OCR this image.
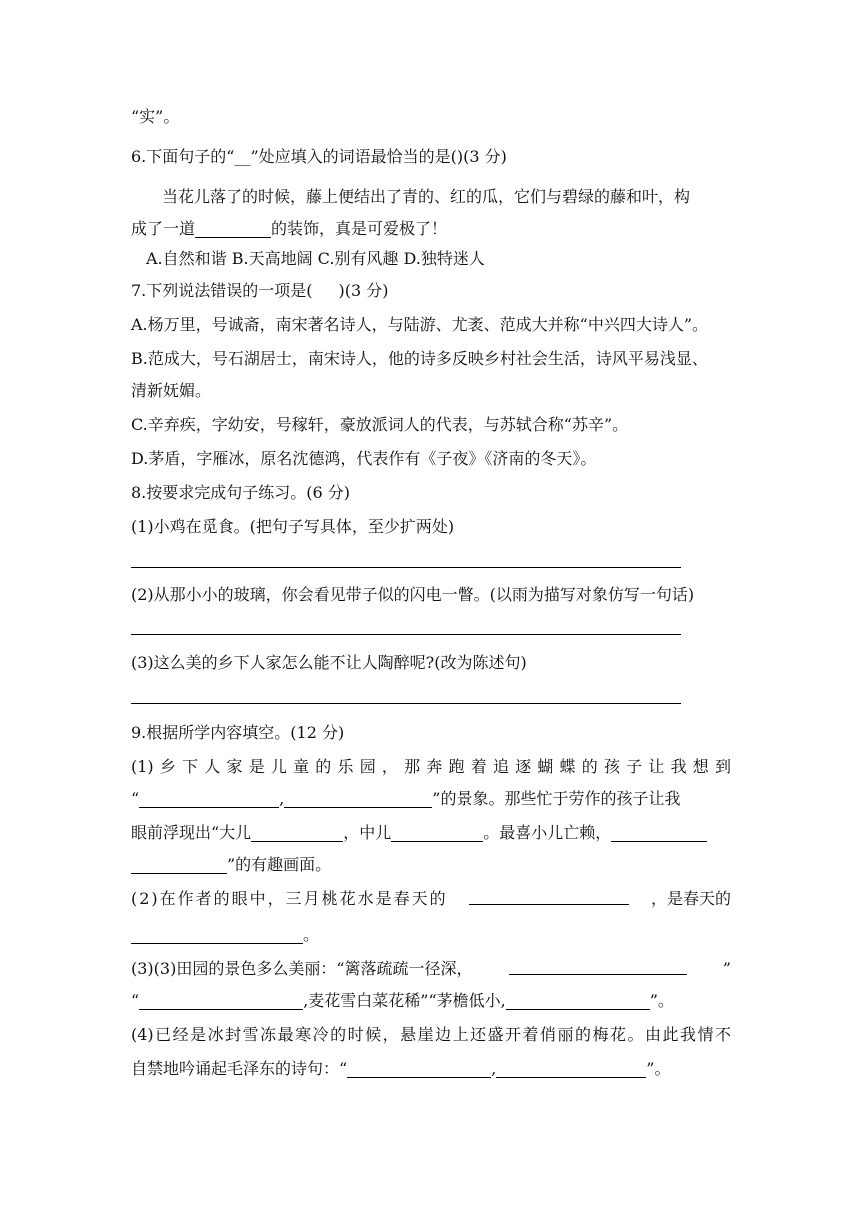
“实”。
6.下面句子的“__”处应填入的词语最恰当的是()(3 分)
当花儿落了的时候，藤上便结出了青的、红的瓜，它们与碧绿的藤和叶，构
成了一道	的装饰，真是可爱极了！
A.自然和谐 B.天高地阔 C.别有风趣 D.独特迷人
7.下列说法错误的一项是( )(3 分)
A.杨万里，号诚斋，南宋著名诗人，与陆游、尤袤、范成大并称“中兴四大诗人”。
B.范成大，号石湖居士，南宋诗人，他的诗多反映乡村社会生活，诗风平易浅显、
清新妩媚。
C.辛弃疾，字幼安，号稼轩，豪放派词人的代表，与苏轼合称“苏辛”。
D.茅盾，字雁冰，原名沈德鸿，代表作有《子夜》《济南的冬天》。
8.按要求完成句子练习。(6 分)
(1)小鸡在觅食。(把句子写具体，至少扩两处)
(2)从那小小的玻璃，你会看见带子似的闪电一瞥。(以雨为描写对象仿写一句话)
(3)这么美的乡下人家怎么能不让人陶醉呢?(改为陈述句)
9.根据所学内容填空。(12 分)
(1)乡下人家是儿童的乐园，那奔跑着追逐蝴蝶的孩子让我想到
“	,	”的景象。那些忙于劳作的孩子让我
眼前浮现出“大儿	，中儿	。最喜小儿亡赖，
”的有趣画面。
(2)在作者的眼中，三月桃花水是春天的	，是春天的
。
(3)(3)田园的景色多么美丽：“篱落疏疏一径深，	”
“	,麦花雪白菜花稀”“茅檐低小,	”。
(4)已经是冰封雪冻最寒冷的时候，悬崖边上还盛开着俏丽的梅花。由此我情不
自禁地吟诵起毛泽东的诗句：“	,	”。
